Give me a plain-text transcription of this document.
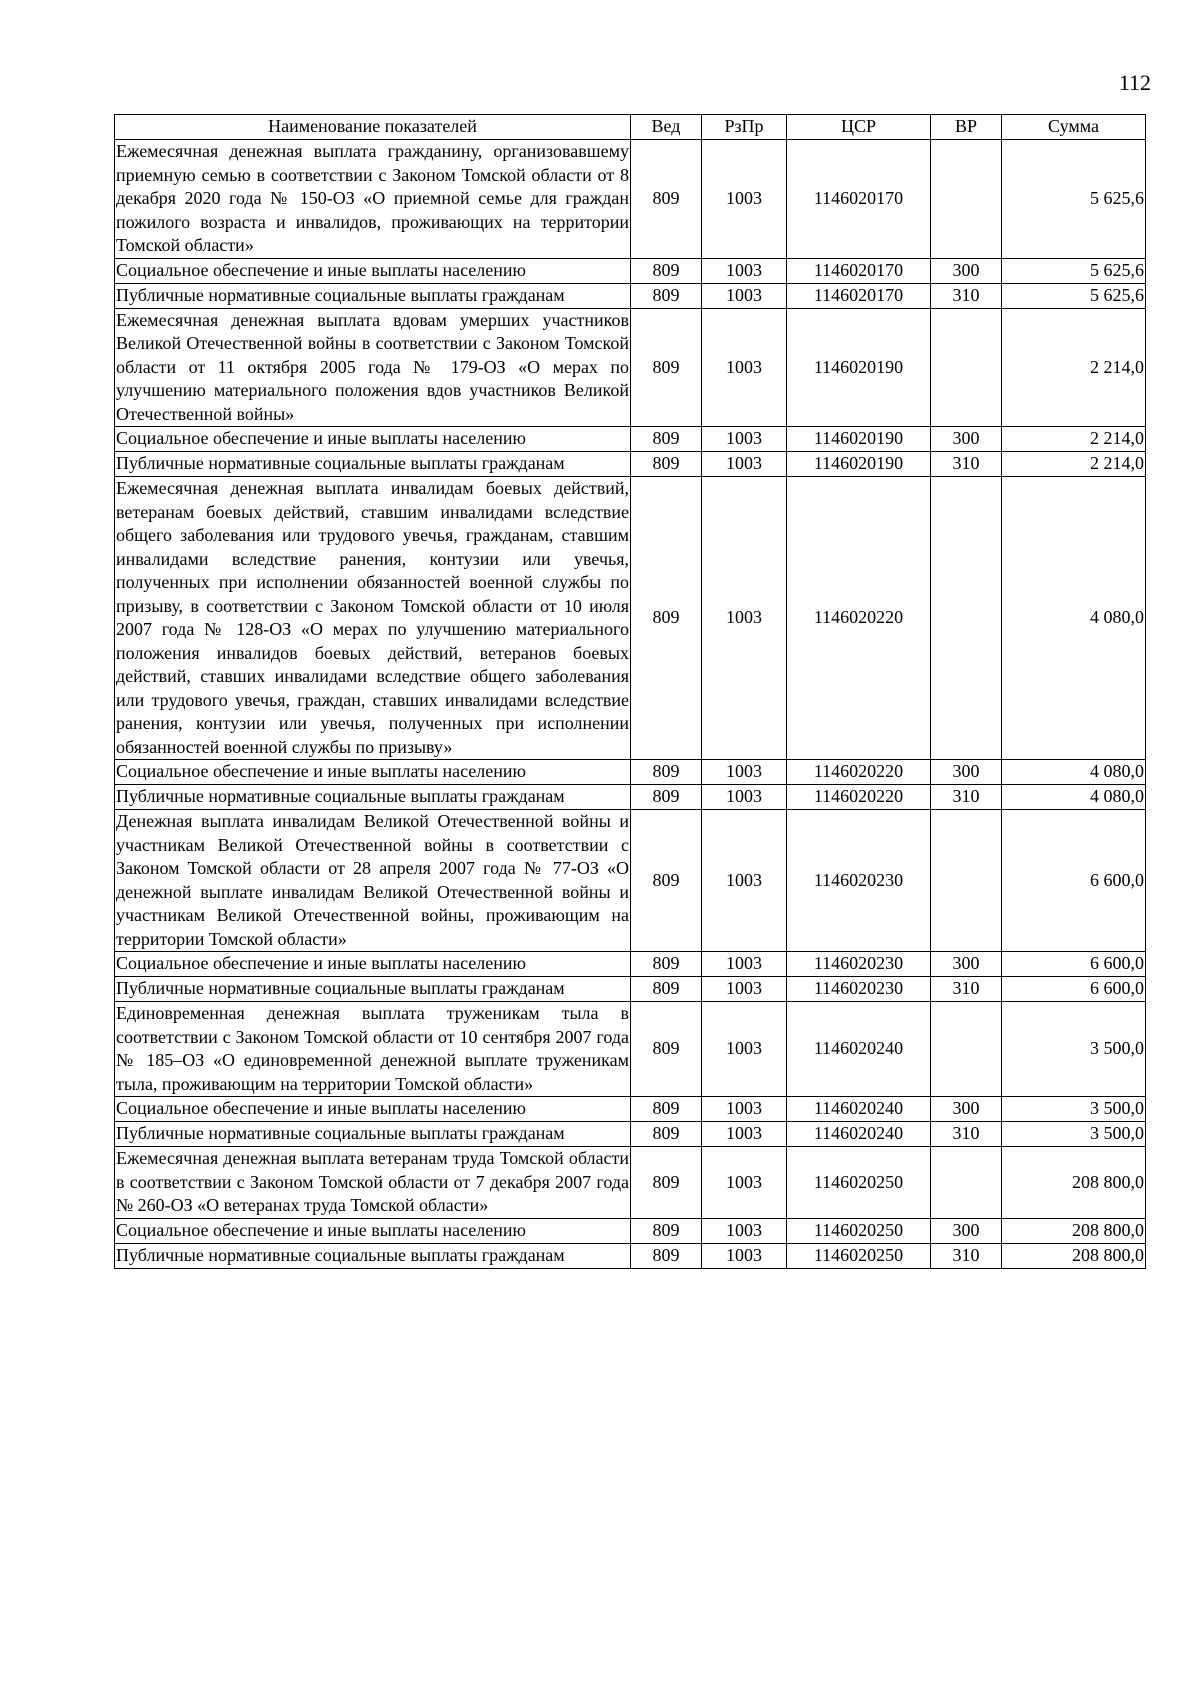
112
Наименование показателей	Вед	РзПр	ЦСР	ВР	Сумма
Ежемесячная денежная выплата гражданину, организовавшему приемную семью в соответствии с Законом Томской области от 8 декабря 2020 года № 150-ОЗ «О приемной семье для граждан пожилого возраста и инвалидов, проживающих на территории Томской области»	809	1003	1146020170		5 625,6
Социальное обеспечение и иные выплаты населению	809	1003	1146020170	300	5 625,6
Публичные нормативные социальные выплаты гражданам	809	1003	1146020170	310	5 625,6
Ежемесячная денежная выплата вдовам умерших участников Великой Отечественной войны в соответствии с Законом Томской области от 11 октября 2005 года № 179-ОЗ «О мерах по улучшению материального положения вдов участников Великой Отечественной войны»	809	1003	1146020190		2 214,0
Социальное обеспечение и иные выплаты населению	809	1003	1146020190	300	2 214,0
Публичные нормативные социальные выплаты гражданам	809	1003	1146020190	310	2 214,0
Ежемесячная денежная выплата инвалидам боевых действий, ветеранам боевых действий, ставшим инвалидами вследствие общего заболевания или трудового увечья, гражданам, ставшим инвалидами вследствие ранения, контузии или увечья, полученных при исполнении обязанностей военной службы по призыву, в соответствии с Законом Томской области от 10 июля 2007 года № 128-ОЗ «О мерах по улучшению материального положения инвалидов боевых действий, ветеранов боевых действий, ставших инвалидами вследствие общего заболевания или трудового увечья, граждан, ставших инвалидами вследствие ранения, контузии или увечья, полученных при исполнении обязанностей военной службы по призыву»	809	1003	1146020220		4 080,0
Социальное обеспечение и иные выплаты населению	809	1003	1146020220	300	4 080,0
Публичные нормативные социальные выплаты гражданам	809	1003	1146020220	310	4 080,0
Денежная выплата инвалидам Великой Отечественной войны и участникам Великой Отечественной войны в соответствии с Законом Томской области от 28 апреля 2007 года № 77-ОЗ «О денежной выплате инвалидам Великой Отечественной войны и участникам Великой Отечественной войны, проживающим на территории Томской области»	809	1003	1146020230		6 600,0
Социальное обеспечение и иные выплаты населению	809	1003	1146020230	300	6 600,0
Публичные нормативные социальные выплаты гражданам	809	1003	1146020230	310	6 600,0
Единовременная денежная выплата труженикам тыла в соответствии с Законом Томской области от 10 сентября 2007 года № 185–ОЗ «О единовременной денежной выплате труженикам тыла, проживающим на территории Томской области»	809	1003	1146020240		3 500,0
Социальное обеспечение и иные выплаты населению	809	1003	1146020240	300	3 500,0
Публичные нормативные социальные выплаты гражданам	809	1003	1146020240	310	3 500,0
Ежемесячная денежная выплата ветеранам труда Томской области в соответствии с Законом Томской области от 7 декабря 2007 года № 260-ОЗ «О ветеранах труда Томской области»	809	1003	1146020250		208 800,0
Социальное обеспечение и иные выплаты населению	809	1003	1146020250	300	208 800,0
Публичные нормативные социальные выплаты гражданам	809	1003	1146020250	310	208 800,0
